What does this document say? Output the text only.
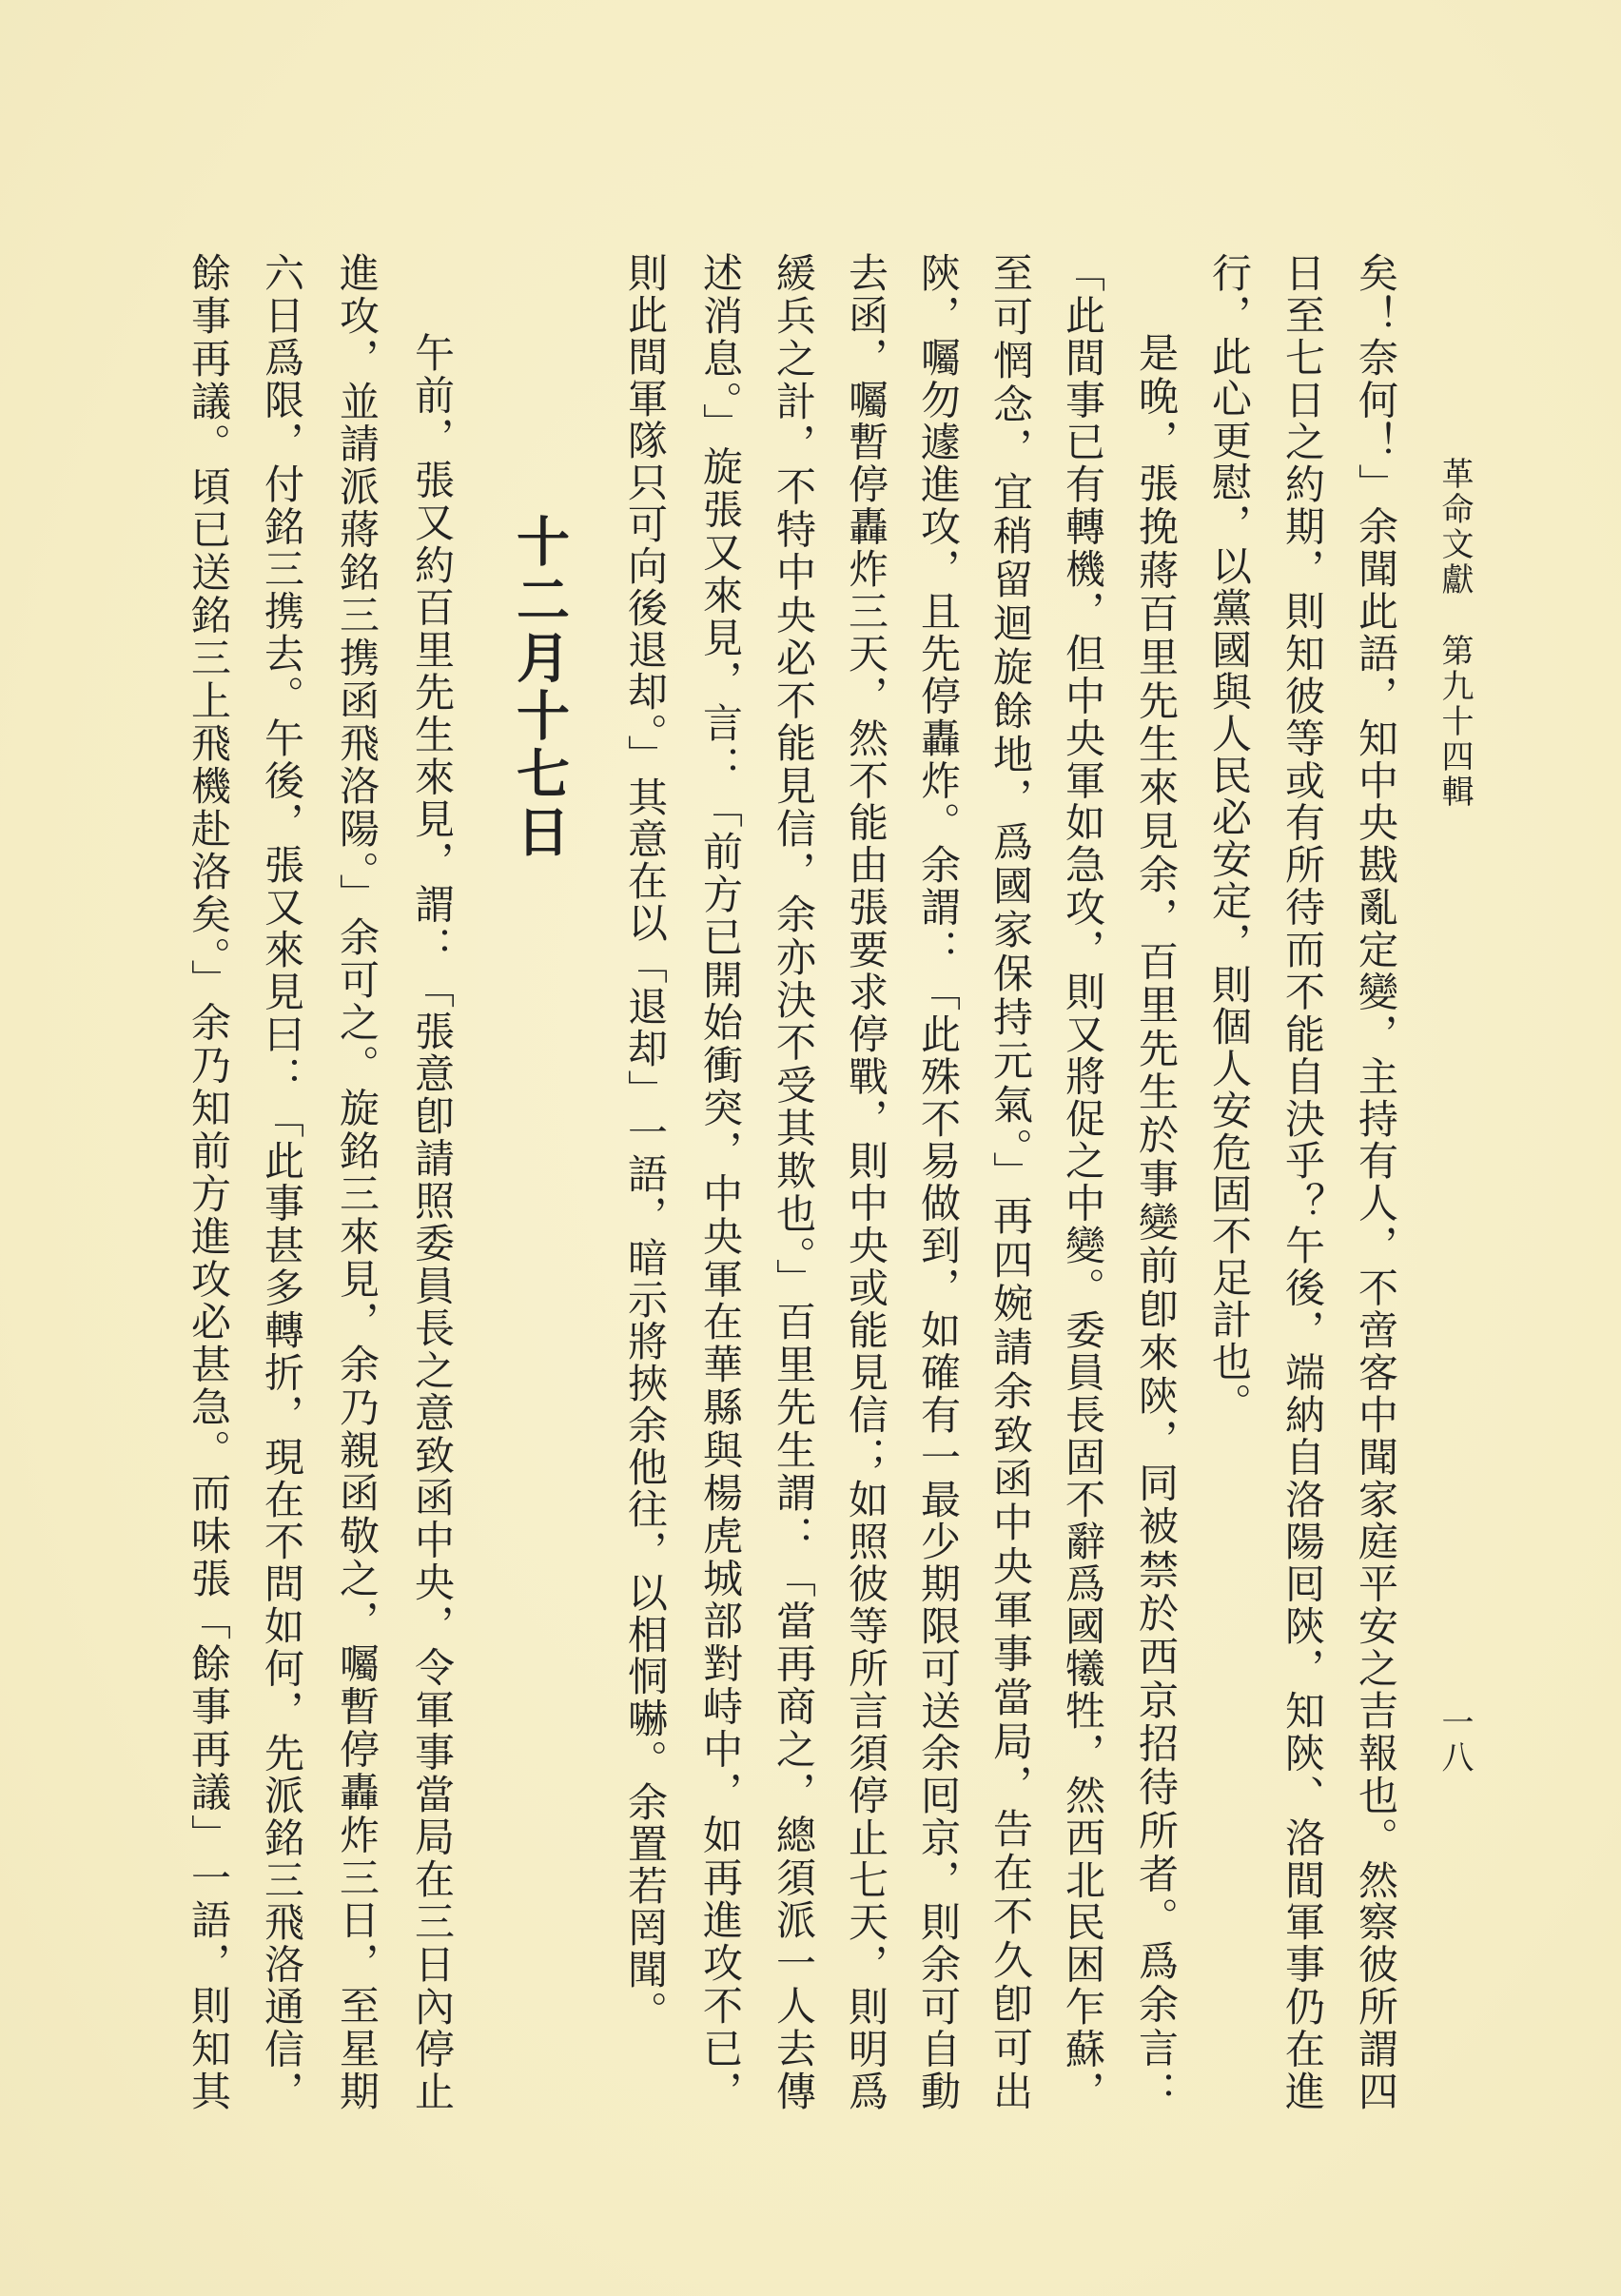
革命文獻
第九十四輯
一八
矣！奈何！」余聞此語，知中央戡亂定變，主持有人，不啻客中聞家庭平安之吉報也。然察彼所謂四
日至七日之約期，則知彼等或有所待而不能自決乎？午後，端納自洛陽囘陝，知陝、洛間軍事仍在進
行，此心更慰，以黨國與人民必安定，則個人安危固不足計也。
是晚，張挽蔣百里先生來見余，百里先生於事變前卽來陝，同被禁於西京招待所者。爲余言：
「此間事已有轉機，但中央軍如急攻，則又將促之中變。委員長固不辭爲國犧牲，然西北民困乍蘇，
至可惘念，宜稍留迴旋餘地，爲國家保持元氣。」再四婉請余致函中央軍事當局，告在不久卽可出
陝，囑勿遽進攻，且先停轟炸。余謂：「此殊不易做到，如確有一最少期限可送余囘京，則余可自動
去函，囑暫停轟炸三天，然不能由張要求停戰，則中央或能見信；如照彼等所言須停止七天，則明爲
緩兵之計，不特中央必不能見信，余亦決不受其欺也。」百里先生謂：「當再商之，總須派一人去傳
述消息。」旋張又來見，言：「前方已開始衝突，中央軍在華縣與楊虎城部對峙中，如再進攻不已，
則此間軍隊只可向後退却。」其意在以「退却」一語，暗示將挾余他往，以相恫嚇。余置若罔聞。
十二月十七日
午前，張又約百里先生來見，謂：「張意卽請照委員長之意致函中央，令軍事當局在三日內停止
進攻，並請派蔣銘三携函飛洛陽。」余可之。旋銘三來見，余乃親函敬之，囑暫停轟炸三日，至星期
六日爲限，付銘三携去。午後，張又來見曰：「此事甚多轉折，現在不問如何，先派銘三飛洛通信，
餘事再議。頃已送銘三上飛機赴洛矣。」余乃知前方進攻必甚急。而味張「餘事再議」一語，則知其
